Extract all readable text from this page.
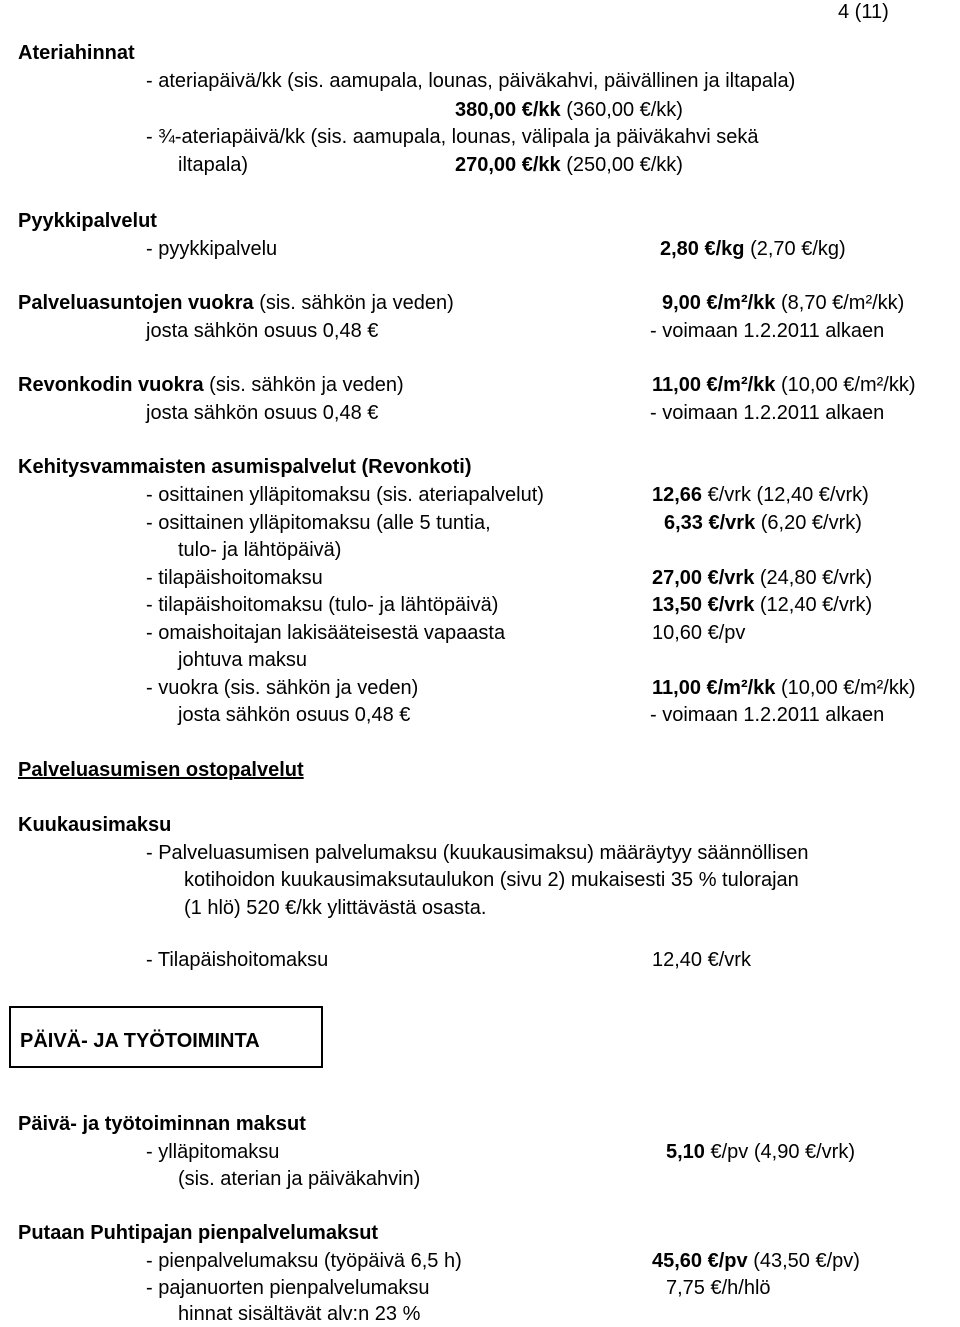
4 (11)
Ateriahinnat
- ateriapäivä/kk (sis. aamupala, lounas, päiväkahvi, päivällinen ja iltapala)
380,00 €/kk (360,00 €/kk)
- ¾-ateriapäivä/kk (sis. aamupala, lounas, välipala ja päiväkahvi sekä
iltapala)	270,00 €/kk (250,00 €/kk)
Pyykkipalvelut
- pyykkipalvelu	2,80 €/kg (2,70 €/kg)
Palveluasuntojen vuokra (sis. sähkön ja veden)	9,00 €/m²/kk (8,70 €/m²/kk)
josta sähkön osuus 0,48 €	- voimaan 1.2.2011 alkaen
Revonkodin vuokra (sis. sähkön ja veden)	11,00 €/m²/kk (10,00 €/m²/kk)
josta sähkön osuus 0,48 €	- voimaan 1.2.2011 alkaen
Kehitysvammaisten asumispalvelut (Revonkoti)
- osittainen ylläpitomaksu (sis. ateriapalvelut)	12,66 €/vrk (12,40 €/vrk)
- osittainen ylläpitomaksu (alle 5 tuntia,	6,33 €/vrk (6,20 €/vrk)
tulo- ja lähtöpäivä)
- tilapäishoitomaksu	27,00 €/vrk (24,80 €/vrk)
- tilapäishoitomaksu (tulo- ja lähtöpäivä)	13,50 €/vrk (12,40 €/vrk)
- omaishoitajan lakisääteisestä vapaasta	10,60 €/pv
johtuva maksu
- vuokra (sis. sähkön ja veden)	11,00 €/m²/kk (10,00 €/m²/kk)
josta sähkön osuus 0,48 €	- voimaan 1.2.2011 alkaen
Palveluasumisen ostopalvelut
Kuukausimaksu
- Palveluasumisen palvelumaksu (kuukausimaksu) määräytyy säännöllisen
kotihoidon kuukausimaksutaulukon (sivu 2) mukaisesti 35 % tulorajan
(1 hlö) 520 €/kk ylittävästä osasta.
- Tilapäishoitomaksu	12,40 €/vrk
PÄIVÄ- JA TYÖTOIMINTA
Päivä- ja työtoiminnan maksut
- ylläpitomaksu	5,10 €/pv (4,90 €/vrk)
(sis. aterian ja päiväkahvin)
Putaan Puhtipajan pienpalvelumaksut
- pienpalvelumaksu (työpäivä 6,5 h)	45,60 €/pv (43,50 €/pv)
- pajanuorten pienpalvelumaksu	7,75 €/h/hlö
hinnat sisältävät alv:n 23 %
